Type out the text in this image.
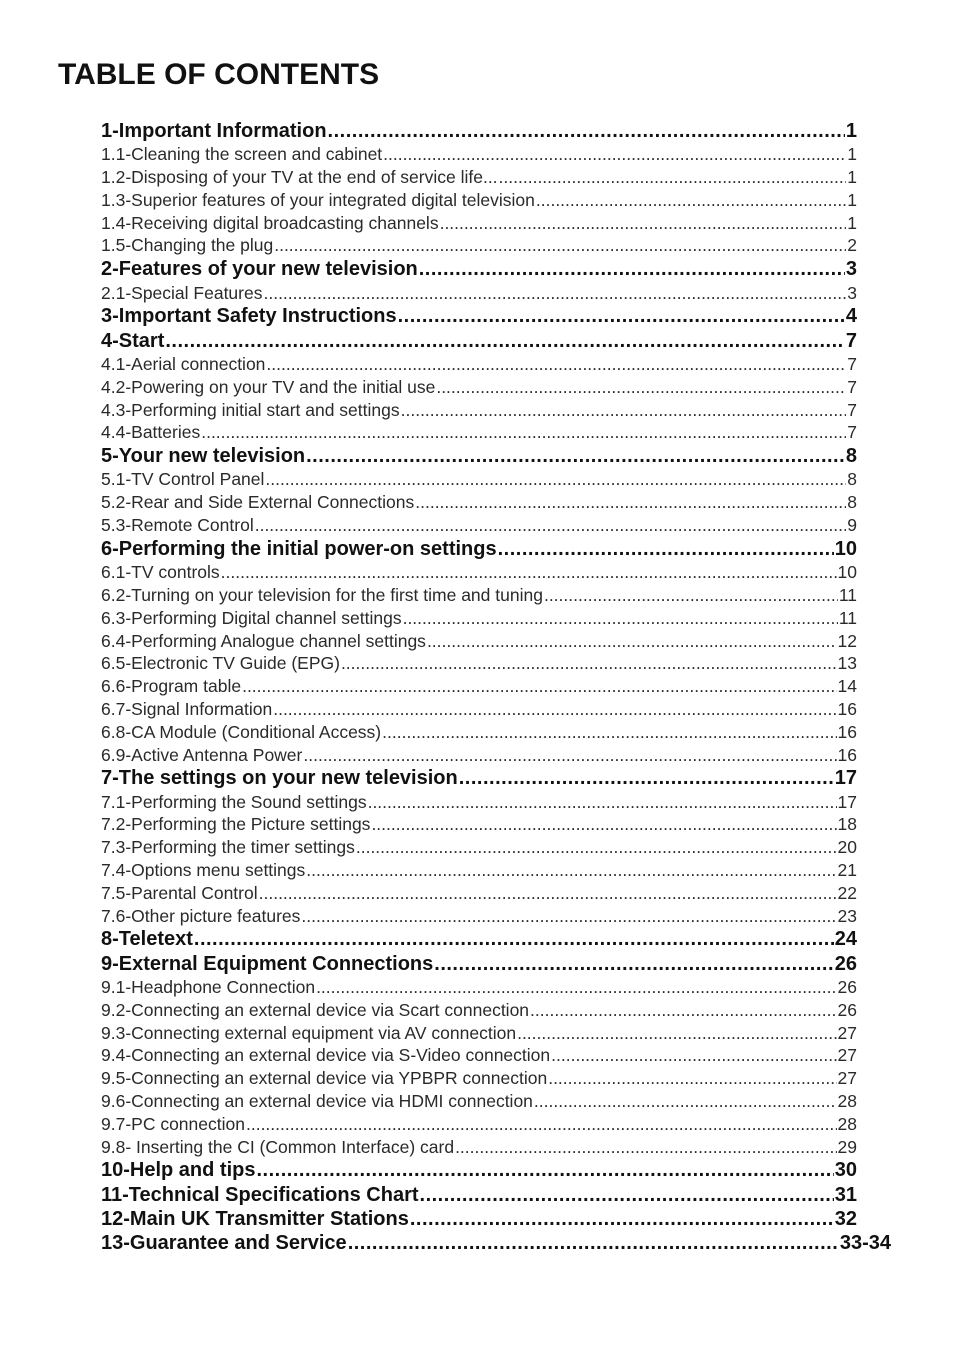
TABLE OF CONTENTS
1-Important Information .....	1
1.1-Cleaning the screen and cabinet .....	1
1.2-Disposing of your TV at the end of service life... .....	1
1.3-Superior features of your integrated digital television .....	1
1.4-Receiving digital broadcasting channels .....	1
1.5-Changing the plug .....	2
2-Features of your new television .....	3
2.1-Special Features .....	3
3-Important Safety Instructions .....	4
4-Start .....	7
4.1-Aerial connection .....	7
4.2-Powering on your TV and the initial use .....	7
4.3-Performing initial start and settings .....	7
4.4-Batteries .....	7
5-Your new television .....	8
5.1-TV Control Panel .....	8
5.2-Rear and Side External Connections .....	8
5.3-Remote Control .....	9
6-Performing the initial power-on settings .....	10
6.1-TV controls .....	10
6.2-Turning on your television for the first time and tuning .....	11
6.3-Performing Digital channel settings .....	11
6.4-Performing Analogue channel settings .....	12
6.5-Electronic TV Guide (EPG) .....	13
6.6-Program table .....	14
6.7-Signal Information .....	16
6.8-CA Module (Conditional Access) .....	16
6.9-Active Antenna Power .....	16
7-The settings on your new television .....	17
7.1-Performing the Sound settings .....	17
7.2-Performing the Picture settings .....	18
7.3-Performing the timer settings .....	20
7.4-Options menu settings .....	21
7.5-Parental Control .....	22
7.6-Other picture features .....	23
8-Teletext .....	24
9-External Equipment Connections .....	26
9.1-Headphone Connection .....	26
9.2-Connecting an external device via Scart connection .....	26
9.3-Connecting external equipment via AV connection .....	27
9.4-Connecting an external device via S-Video connection .....	27
9.5-Connecting an external device via YPBPR connection .....	27
9.6-Connecting an external device via HDMI connection .....	28
9.7-PC connection .....	28
9.8- Inserting the CI (Common Interface) card .....	29
10-Help and tips .....	30
11-Technical Specifications Chart .....	31
12-Main UK Transmitter Stations .....	32
13-Guarantee and Service .....	33-34
